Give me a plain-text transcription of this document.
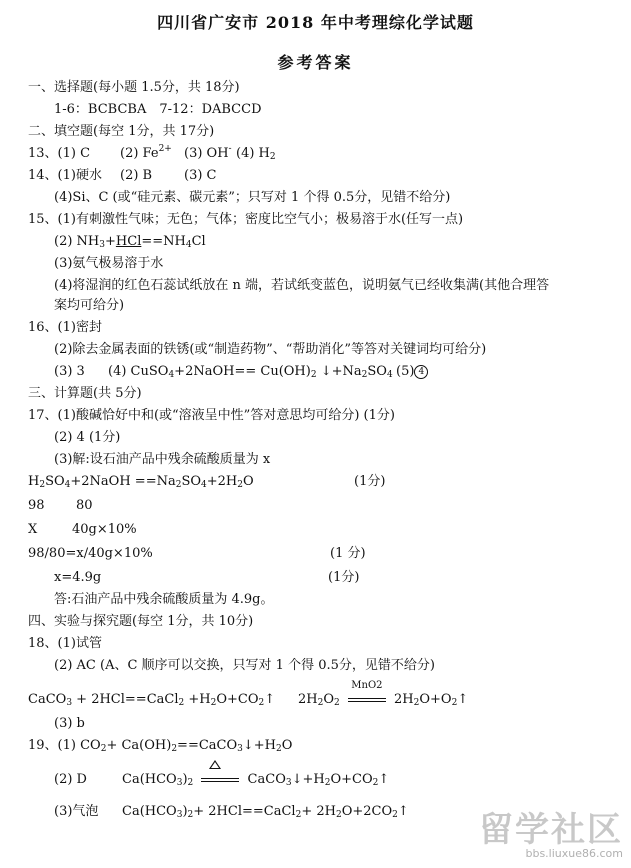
四川省广安市 2018 年中考理综化学试题
参考答案
一、选择题(每小题 1.5分，共 18分)
1-6：BCBCBA　7-12：DABCCD
二、填空题(每空 1分，共 17分)
13、(1) C (2) $Fe^{2+}$ (3) OH- (4) $H_2$
14、(1)硬水 (2) B (3) C
(4)Si、C (或“硅元素、碳元素”；只写对 1 个得 0.5分，见错不给分)
15、(1)有刺激性气味；无色；气体；密度比空气小；极易溶于水(任写一点)
(2) $NH_3+HCl==NH_4Cl$
(3)氨气极易溶于水
(4)将湿润的红色石蕊试纸放在 n 端，若试纸变蓝色，说明氨气已经收集满(其他合理答
案均可给分)
16、(1)密封
(2)除去金属表面的铁锈(或“制造药物”、“帮助消化”等答对关键词均可给分)
(3) 3 (4) CuSO$_4$+2NaOH== $Cu(OH)_2$ $↓+Na_2SO_4$ (5) 4
三、计算题(共 5分)
17、(1)酸碱恰好中和(或“溶液呈中性”答对意思均可给分) (1分)
(2) 4 (1分)
(3)解:设石油产品中残余硫酸质量为 x
$H_2SO_4+2NaOH ==Na_2SO_4+2H_2O$	(1分)
98 80
X	40g×10%
98/80=x/40g×10%	(1 分)
x=4.9g	(1分)
答:石油产品中残余硫酸质量为 4.9g。
四、实验与探究题(每空 1分，共 10分)
18、(1)试管
(2) AC (A、C 顺序可以交换，只写对 1 个得 0.5分，见错不给分)
CaCO$_3$ + 2HCl==CaCl$_2$ $+H_2O+CO_2↑$ $2H_2O_2$
MnO2
$2H_2O+O_2↑$
(3) b
19、(1) $CO_2+$ $Ca(OH)_2==CaCO_3↓+H_2O$
(2) D	$Ca(HCO_3)_2$	$CaCO_3↓+H_2O+CO_2↑$
(3)气泡 $Ca(HCO_3)_2+$ 2HCl==CaCl$_2$+ $2H_2O+2CO_2↑$ 留学社区
bbs.liuxue86.com
